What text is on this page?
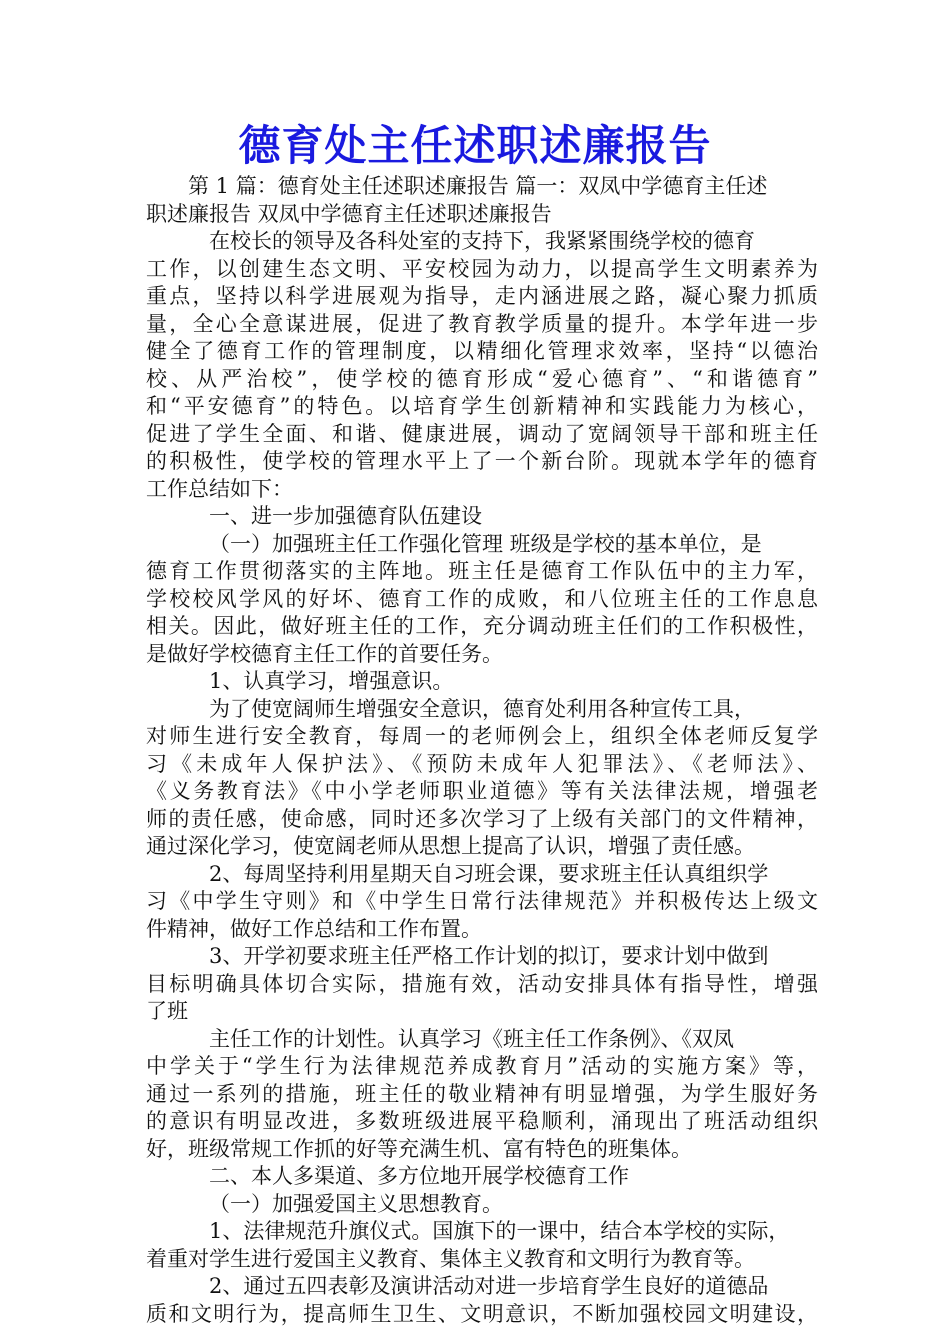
德育处主任述职述廉报告
第 1 篇：德育处主任述职述廉报告 篇一：双凤中学德育主任述
职述廉报告 双凤中学德育主任述职述廉报告
在校长的领导及各科处室的支持下，我紧紧围绕学校的德育
工作，以创建生态文明、平安校园为动力，以提高学生文明素养为
重点，坚持以科学进展观为指导，走内涵进展之路，凝心聚力抓质
量，全心全意谋进展，促进了教育教学质量的提升。本学年进一步
健全了德育工作的管理制度，以精细化管理求效率，坚持“以德治
校、从严治校”，使学校的德育形成“爱心德育”、“和谐德育”
和“平安德育”的特色。以培育学生创新精神和实践能力为核心，
促进了学生全面、和谐、健康进展，调动了宽阔领导干部和班主任
的积极性，使学校的管理水平上了一个新台阶。现就本学年的德育
工作总结如下：
一、进一步加强德育队伍建设
（一）加强班主任工作强化管理 班级是学校的基本单位，是
德育工作贯彻落实的主阵地。班主任是德育工作队伍中的主力军，
学校校风学风的好坏、德育工作的成败，和八位班主任的工作息息
相关。因此，做好班主任的工作，充分调动班主任们的工作积极性，
是做好学校德育主任工作的首要任务。
1、认真学习，增强意识。
为了使宽阔师生增强安全意识，德育处利用各种宣传工具，
对师生进行安全教育，每周一的老师例会上，组织全体老师反复学
习《未成年人保护法》、《预防未成年人犯罪法》、《老师法》、
《义务教育法》《中小学老师职业道德》等有关法律法规，增强老
师的责任感，使命感，同时还多次学习了上级有关部门的文件精神，
通过深化学习，使宽阔老师从思想上提高了认识，增强了责任感。
2、每周坚持利用星期天自习班会课，要求班主任认真组织学
习《中学生守则》和《中学生日常行法律规范》并积极传达上级文
件精神，做好工作总结和工作布置。
3、开学初要求班主任严格工作计划的拟订，要求计划中做到
目标明确具体切合实际，措施有效，活动安排具体有指导性，增强
了班
主任工作的计划性。认真学习《班主任工作条例》、《双凤
中学关于“学生行为法律规范养成教育月”活动的实施方案》等，
通过一系列的措施，班主任的敬业精神有明显增强，为学生服好务
的意识有明显改进，多数班级进展平稳顺利，涌现出了班活动组织
好，班级常规工作抓的好等充满生机、富有特色的班集体。
二、本人多渠道、多方位地开展学校德育工作
（一）加强爱国主义思想教育。
1、法律规范升旗仪式。国旗下的一课中，结合本学校的实际，
着重对学生进行爱国主义教育、集体主义教育和文明行为教育等。
2、通过五四表彰及演讲活动对进一步培育学生良好的道德品
质和文明行为，提高师生卫生、文明意识，不断加强校园文明建设，
